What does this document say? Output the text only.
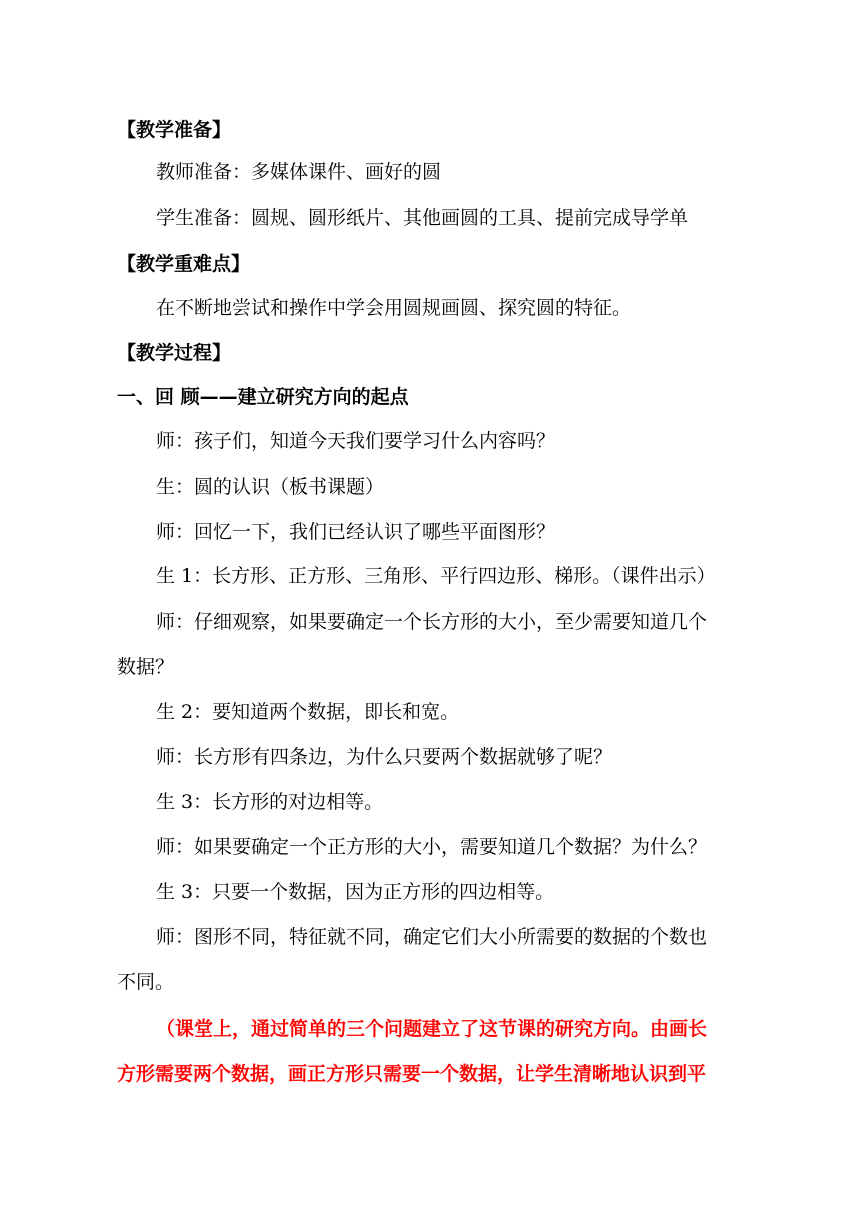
【教学准备】
教师准备：多媒体课件、画好的圆
学生准备：圆规、圆形纸片、其他画圆的工具、提前完成导学单
【教学重难点】
在不断地尝试和操作中学会用圆规画圆、探究圆的特征。
【教学过程】
一、回 顾——建立研究方向的起点
师：孩子们，知道今天我们要学习什么内容吗？
生：圆的认识（板书课题）
师：回忆一下，我们已经认识了哪些平面图形？
生 1：长方形、正方形、三角形、平行四边形、梯形。（课件出示）
师：仔细观察，如果要确定一个长方形的大小，至少需要知道几个
数据？
生 2：要知道两个数据，即长和宽。
师：长方形有四条边，为什么只要两个数据就够了呢？
生 3：长方形的对边相等。
师：如果要确定一个正方形的大小，需要知道几个数据？为什么？
生 3：只要一个数据，因为正方形的四边相等。
师：图形不同，特征就不同，确定它们大小所需要的数据的个数也
不同。
（课堂上，通过简单的三个问题建立了这节课的研究方向。由画长
方形需要两个数据，画正方形只需要一个数据，让学生清晰地认识到平
